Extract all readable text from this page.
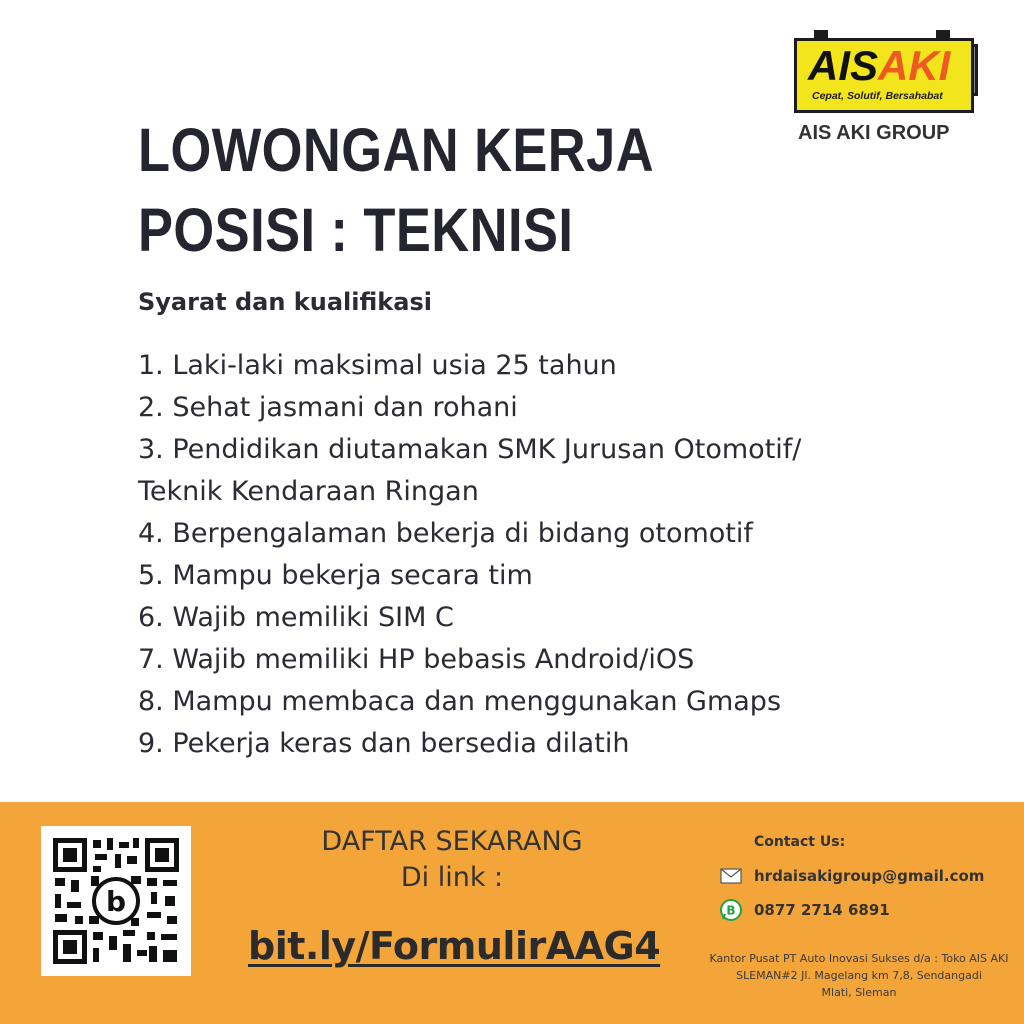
AISAKI

Cepat, Solutif, Bersahabat

AIS AKI GROUP

LOWONGAN KERJA
POSISI : TEKNISI
Syarat dan kualifikasi
1. Laki-laki maksimal usia 25 tahun
2. Sehat jasmani dan rohani
3. Pendidikan diutamakan SMK Jurusan Otomotif/
Teknik Kendaraan Ringan
4. Berpengalaman bekerja di bidang otomotif
5. Mampu bekerja secara tim
6. Wajib memiliki SIM C
7. Wajib memiliki HP bebasis Android/iOS
8. Mampu membaca dan menggunakan Gmaps
9. Pekerja keras dan bersedia dilatih
b
DAFTAR SEKARANG
Di link :

bit.ly/FormulirAAG4

Contact Us:

hrdaisakigroup@gmail.com
B 0877 2714 6891
Kantor Pusat PT Auto Inovasi Sukses d/a : Toko AIS AKI
SLEMAN#2 Jl. Magelang km 7,8, Sendangadi
Mlati, Sleman
